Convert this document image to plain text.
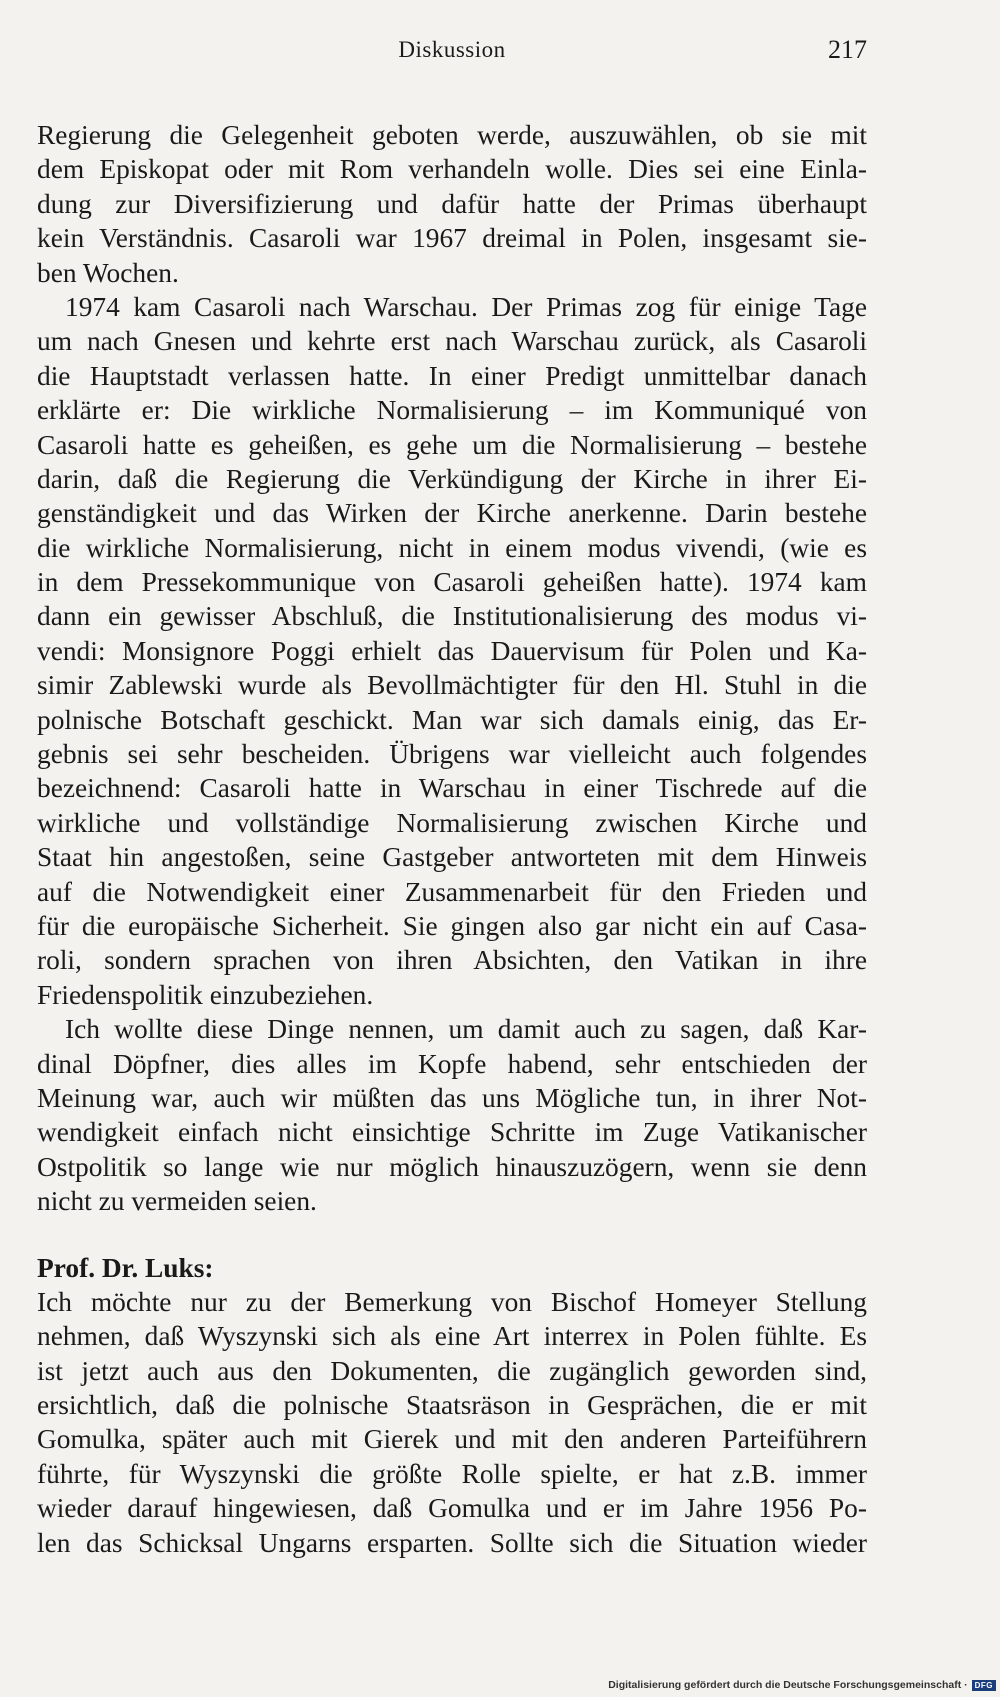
Diskussion	217
Regierung die Gelegenheit geboten werde, auszuwählen, ob sie mit
dem Episkopat oder mit Rom verhandeln wolle. Dies sei eine Einla-
dung zur Diversifizierung und dafür hatte der Primas überhaupt
kein Verständnis. Casaroli war 1967 dreimal in Polen, insgesamt sie-
ben Wochen.
1974 kam Casaroli nach Warschau. Der Primas zog für einige Tage
um nach Gnesen und kehrte erst nach Warschau zurück, als Casaroli
die Hauptstadt verlassen hatte. In einer Predigt unmittelbar danach
erklärte er: Die wirkliche Normalisierung – im Kommuniqué von
Casaroli hatte es geheißen, es gehe um die Normalisierung – bestehe
darin, daß die Regierung die Verkündigung der Kirche in ihrer Ei-
genständigkeit und das Wirken der Kirche anerkenne. Darin bestehe
die wirkliche Normalisierung, nicht in einem modus vivendi, (wie es
in dem Pressekommunique von Casaroli geheißen hatte). 1974 kam
dann ein gewisser Abschluß, die Institutionalisierung des modus vi-
vendi: Monsignore Poggi erhielt das Dauervisum für Polen und Ka-
simir Zablewski wurde als Bevollmächtigter für den Hl. Stuhl in die
polnische Botschaft geschickt. Man war sich damals einig, das Er-
gebnis sei sehr bescheiden. Übrigens war vielleicht auch folgendes
bezeichnend: Casaroli hatte in Warschau in einer Tischrede auf die
wirkliche und vollständige Normalisierung zwischen Kirche und
Staat hin angestoßen, seine Gastgeber antworteten mit dem Hinweis
auf die Notwendigkeit einer Zusammenarbeit für den Frieden und
für die europäische Sicherheit. Sie gingen also gar nicht ein auf Casa-
roli, sondern sprachen von ihren Absichten, den Vatikan in ihre
Friedenspolitik einzubeziehen.
Ich wollte diese Dinge nennen, um damit auch zu sagen, daß Kar-
dinal Döpfner, dies alles im Kopfe habend, sehr entschieden der
Meinung war, auch wir müßten das uns Mögliche tun, in ihrer Not-
wendigkeit einfach nicht einsichtige Schritte im Zuge Vatikanischer
Ostpolitik so lange wie nur möglich hinauszuzögern, wenn sie denn
nicht zu vermeiden seien.
Prof. Dr. Luks:
Ich möchte nur zu der Bemerkung von Bischof Homeyer Stellung
nehmen, daß Wyszynski sich als eine Art interrex in Polen fühlte. Es
ist jetzt auch aus den Dokumenten, die zugänglich geworden sind,
ersichtlich, daß die polnische Staatsräson in Gesprächen, die er mit
Gomulka, später auch mit Gierek und mit den anderen Parteiführern
führte, für Wyszynski die größte Rolle spielte, er hat z.B. immer
wieder darauf hingewiesen, daß Gomulka und er im Jahre 1956 Po-
len das Schicksal Ungarns ersparten. Sollte sich die Situation wieder
Digitalisierung gefördert durch die Deutsche Forschungsgemeinschaft · DFG
